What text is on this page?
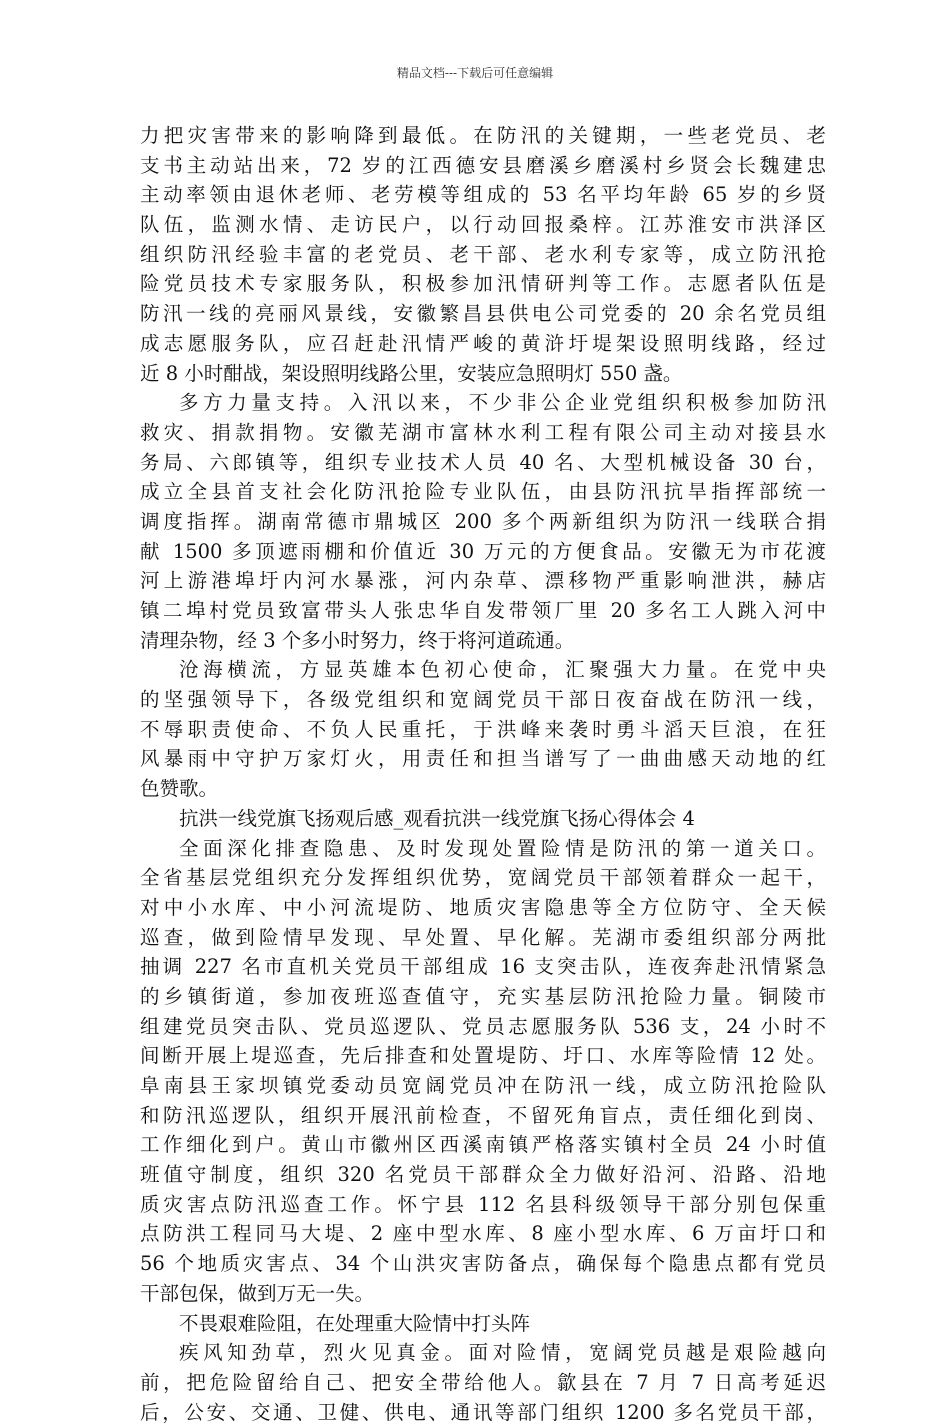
精品文档---下载后可任意编辑
力把灾害带来的影响降到最低。在防汛的关键期，一些老党员、老
支书主动站出来，72 岁的江西德安县磨溪乡磨溪村乡贤会长魏建忠
主动率领由退休老师、老劳模等组成的 53 名平均年龄 65 岁的乡贤
队伍，监测水情、走访民户，以行动回报桑梓。江苏淮安市洪泽区
组织防汛经验丰富的老党员、老干部、老水利专家等，成立防汛抢
险党员技术专家服务队，积极参加汛情研判等工作。志愿者队伍是
防汛一线的亮丽风景线，安徽繁昌县供电公司党委的 20 余名党员组
成志愿服务队，应召赶赴汛情严峻的黄浒圩堤架设照明线路，经过
近 8 小时酣战，架设照明线路公里，安装应急照明灯 550 盏。
多方力量支持。入汛以来，不少非公企业党组织积极参加防汛
救灾、捐款捐物。安徽芜湖市富林水利工程有限公司主动对接县水
务局、六郎镇等，组织专业技术人员 40 名、大型机械设备 30 台，
成立全县首支社会化防汛抢险专业队伍，由县防汛抗旱指挥部统一
调度指挥。湖南常德市鼎城区 200 多个两新组织为防汛一线联合捐
献 1500 多顶遮雨棚和价值近 30 万元的方便食品。安徽无为市花渡
河上游港埠圩内河水暴涨，河内杂草、漂移物严重影响泄洪，赫店
镇二埠村党员致富带头人张忠华自发带领厂里 20 多名工人跳入河中
清理杂物，经 3 个多小时努力，终于将河道疏通。
沧海横流，方显英雄本色初心使命，汇聚强大力量。在党中央
的坚强领导下，各级党组织和宽阔党员干部日夜奋战在防汛一线，
不辱职责使命、不负人民重托，于洪峰来袭时勇斗滔天巨浪，在狂
风暴雨中守护万家灯火，用责任和担当谱写了一曲曲感天动地的红
色赞歌。
抗洪一线党旗飞扬观后感_观看抗洪一线党旗飞扬心得体会 4
全面深化排查隐患、及时发现处置险情是防汛的第一道关口。
全省基层党组织充分发挥组织优势，宽阔党员干部领着群众一起干，
对中小水库、中小河流堤防、地质灾害隐患等全方位防守、全天候
巡查，做到险情早发现、早处置、早化解。芜湖市委组织部分两批
抽调 227 名市直机关党员干部组成 16 支突击队，连夜奔赴汛情紧急
的乡镇街道，参加夜班巡查值守，充实基层防汛抢险力量。铜陵市
组建党员突击队、党员巡逻队、党员志愿服务队 536 支，24 小时不
间断开展上堤巡查，先后排查和处置堤防、圩口、水库等险情 12 处。
阜南县王家坝镇党委动员宽阔党员冲在防汛一线，成立防汛抢险队
和防汛巡逻队，组织开展汛前检查，不留死角盲点，责任细化到岗、
工作细化到户。黄山市徽州区西溪南镇严格落实镇村全员 24 小时值
班值守制度，组织 320 名党员干部群众全力做好沿河、沿路、沿地
质灾害点防汛巡查工作。怀宁县 112 名县科级领导干部分别包保重
点防洪工程同马大堤、2 座中型水库、8 座小型水库、6 万亩圩口和
56 个地质灾害点、34 个山洪灾害防备点，确保每个隐患点都有党员
干部包保，做到万无一失。
不畏艰难险阻，在处理重大险情中打头阵
疾风知劲草，烈火见真金。面对险情，宽阔党员越是艰险越向
前，把危险留给自己、把安全带给他人。歙县在 7 月 7 日高考延迟
后，公安、交通、卫健、供电、通讯等部门组织 1200 多名党员干部，
